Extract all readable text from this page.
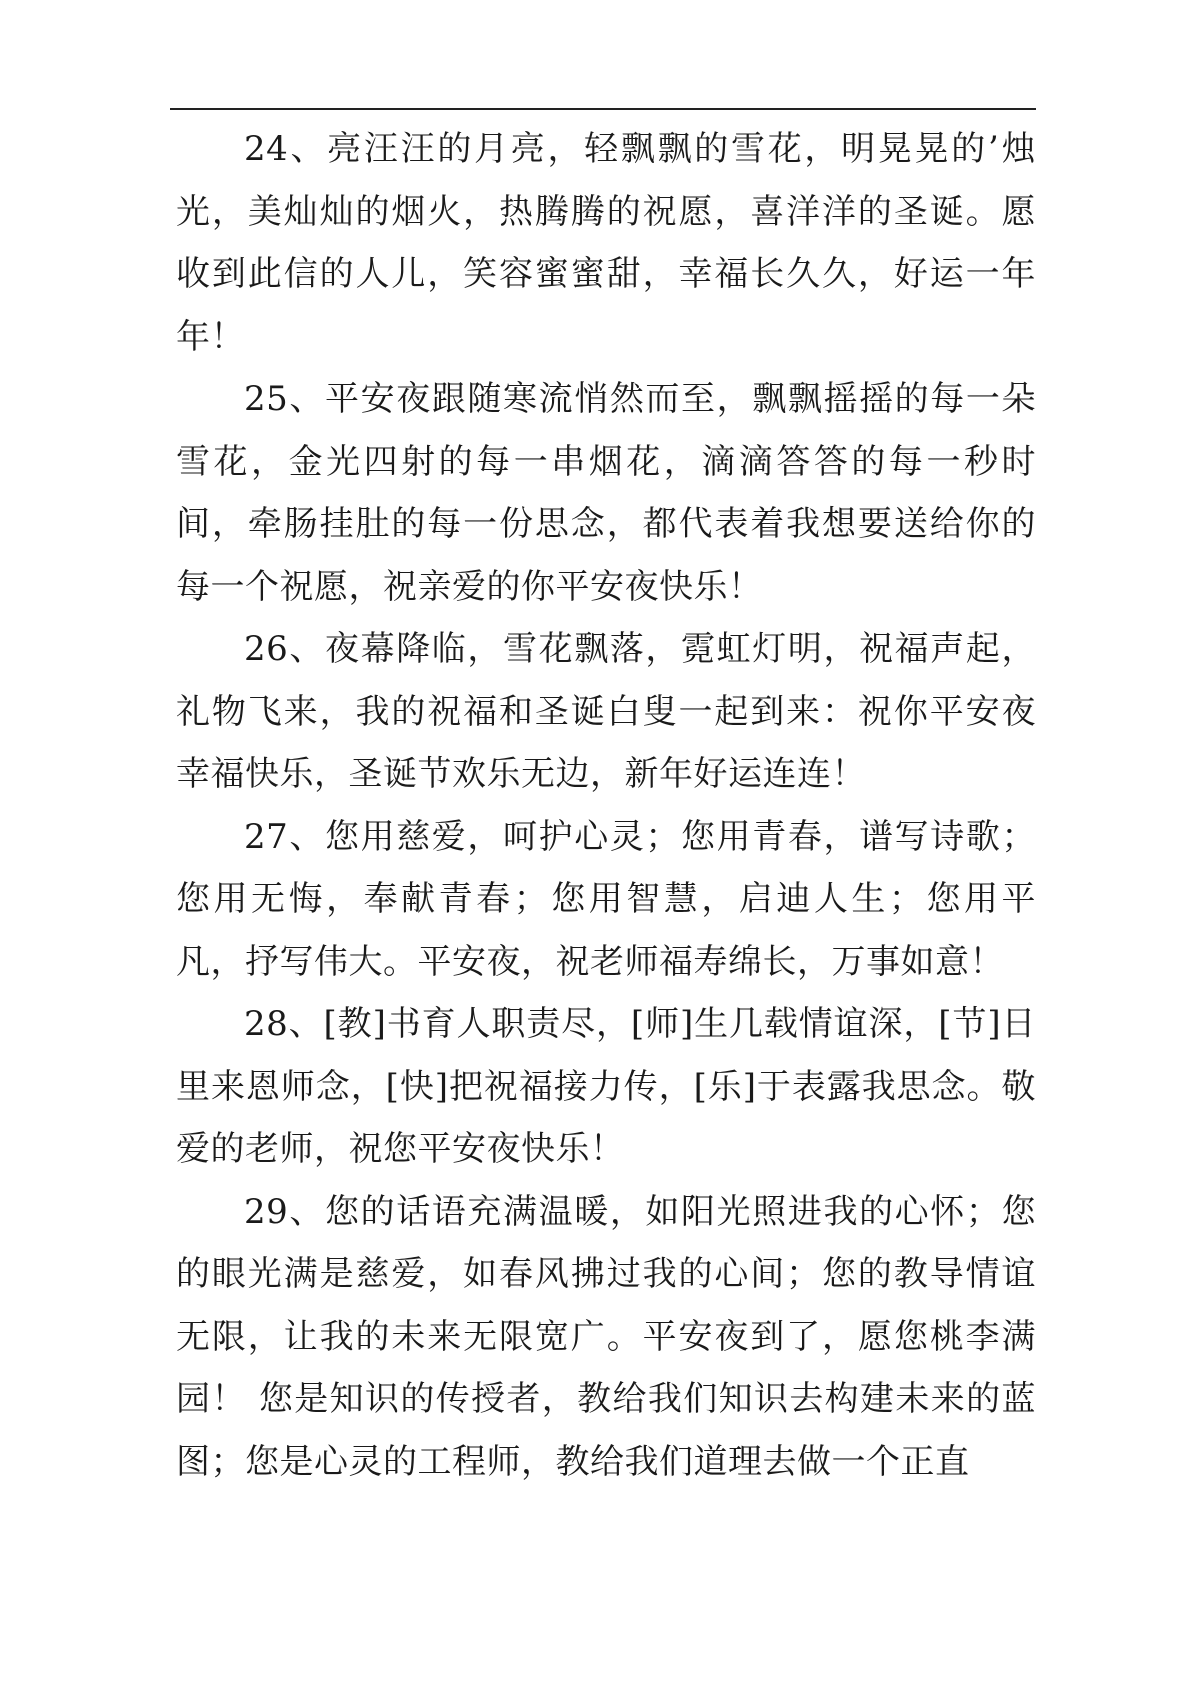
24、亮汪汪的月亮，轻飘飘的雪花，明晃晃的’烛光，美灿灿的烟火，热腾腾的祝愿，喜洋洋的圣诞。愿收到此信的人儿，笑容蜜蜜甜，幸福长久久，好运一年年！

25、平安夜跟随寒流悄然而至，飘飘摇摇的每一朵雪花，金光四射的每一串烟花，滴滴答答的每一秒时间，牵肠挂肚的每一份思念，都代表着我想要送给你的每一个祝愿，祝亲爱的你平安夜快乐！

26、夜幕降临，雪花飘落，霓虹灯明，祝福声起，礼物飞来，我的祝福和圣诞白叟一起到来：祝你平安夜幸福快乐，圣诞节欢乐无边，新年好运连连！

27、您用慈爱，呵护心灵；您用青春，谱写诗歌；您用无悔，奉献青春；您用智慧，启迪人生；您用平凡，抒写伟大。平安夜，祝老师福寿绵长，万事如意！

28、[教]书育人职责尽，[师]生几载情谊深，[节]日里来恩师念，[快]把祝福接力传，[乐]于表露我思念。敬爱的老师，祝您平安夜快乐！

29、您的话语充满温暖，如阳光照进我的心怀；您的眼光满是慈爱，如春风拂过我的心间；您的教导情谊无限，让我的未来无限宽广。平安夜到了，愿您桃李满园！ 您是知识的传授者，教给我们知识去构建未来的蓝图；您是心灵的工程师，教给我们道理去做一个正直
